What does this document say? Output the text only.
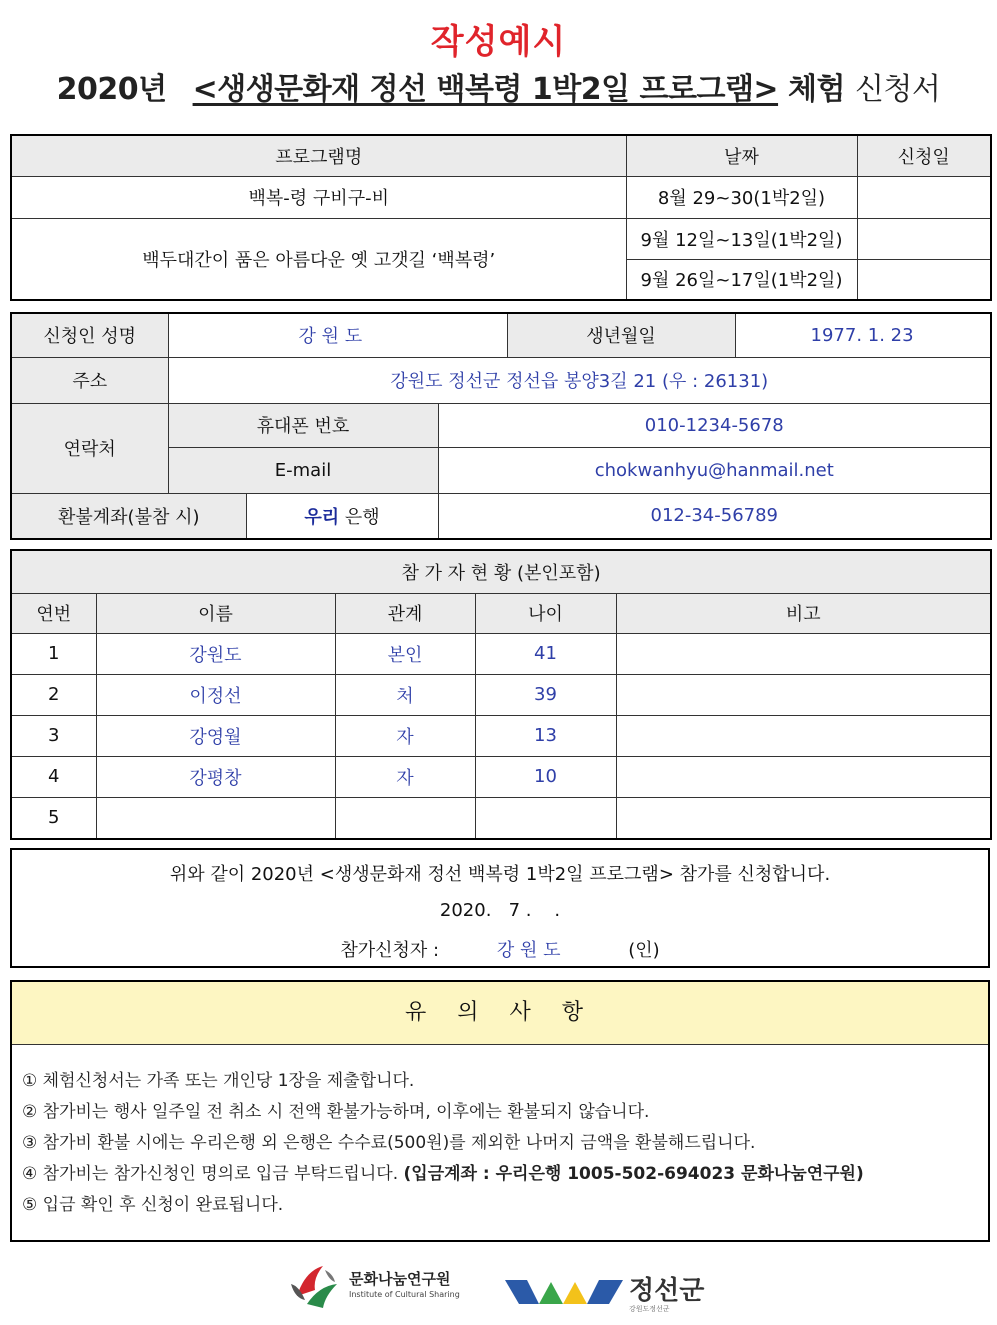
작성예시
2020년 <생생문화재 정선 백복령 1박2일 프로그램> 체험 신청서
프로그램명	날짜	신청일
백복-령 구비구-비	8월 29~30(1박2일)	
백두대간이 품은 아름다운 옛 고갯길 ‘백복령’	9월 12일~13일(1박2일)	
	9월 26일~17일(1박2일)	
신청인 성명	강 원 도			생년월일	1977. 1. 23
주소	강원도 정선군 정선읍 봉양3길 21 (우 : 26131)				
연락처	휴대폰 번호		010-1234-5678		
	E-mail		chokwanhyu@hanmail.net		
환불계좌(불참 시)		우리 은행	012-34-56789		
참 가 자 현 황 (본인포함)				
연번	이름	관계	나이	비고
1	강원도	본인	41	
2	이정선	처	39	
3	강영월	자	13	
4	강평창	자	10	
5				
위와 같이 2020년 <생생문화재 정선 백복령 1박2일 프로그램> 참가를 신청합니다.
2020.   7 .    .
참가신청자 :	강 원 도	(인)
유 의 사 항
① 체험신청서는 가족 또는 개인당 1장을 제출합니다.
② 참가비는 행사 일주일 전 취소 시 전액 환불가능하며, 이후에는 환불되지 않습니다.
③ 참가비 환불 시에는 우리은행 외 은행은 수수료(500원)를 제외한 나머지 금액을 환불해드립니다.
④ 참가비는 참가신청인 명의로 입금 부탁드립니다. (입금계좌 : 우리은행 1005-502-694023 문화나눔연구원)
⑤ 입금 확인 후 신청이 완료됩니다.
문화나눔연구원
Institute of Cultural Sharing	정선군
강원도정선군
